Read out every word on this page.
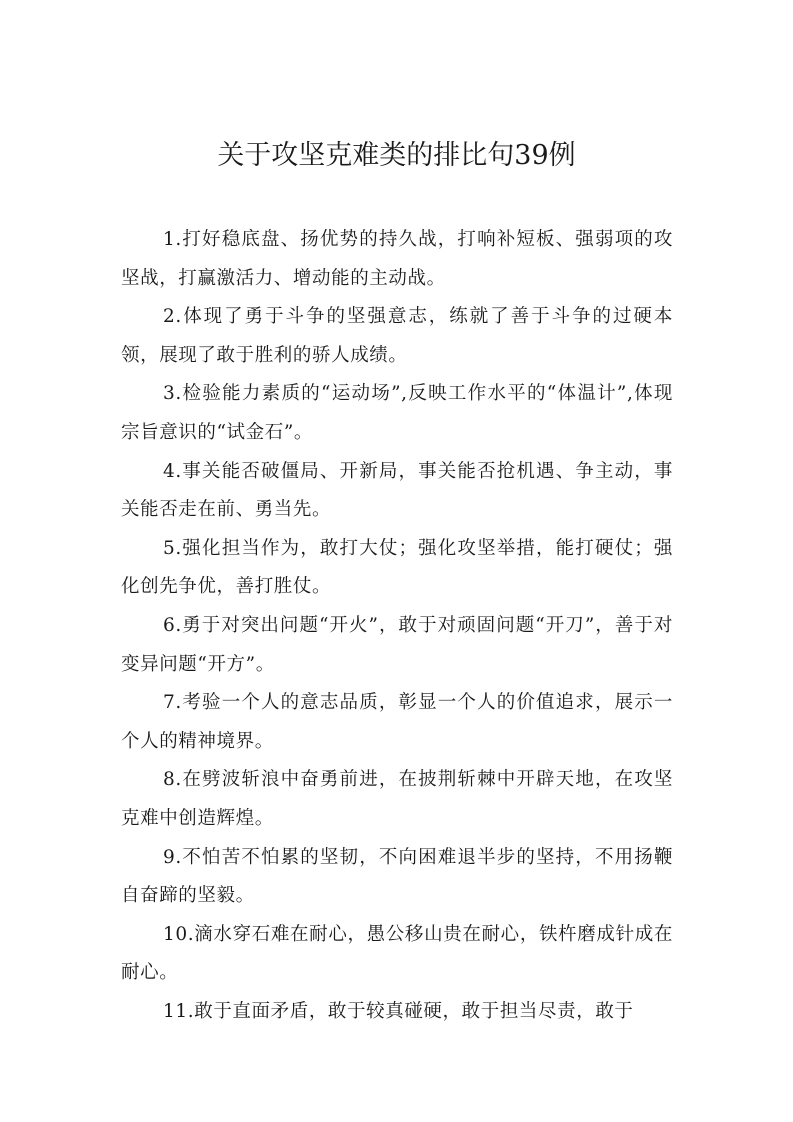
关于攻坚克难类的排比句39例

1.打好稳底盘、扬优势的持久战，打响补短板、强弱项的攻坚战，打赢激活力、增动能的主动战。

2.体现了勇于斗争的坚强意志，练就了善于斗争的过硬本领，展现了敢于胜利的骄人成绩。

3.检验能力素质的“运动场”,反映工作水平的“体温计”,体现宗旨意识的“试金石”。

4.事关能否破僵局、开新局，事关能否抢机遇、争主动，事关能否走在前、勇当先。

5.强化担当作为，敢打大仗；强化攻坚举措，能打硬仗；强化创先争优，善打胜仗。

6.勇于对突出问题“开火”，敢于对顽固问题“开刀”，善于对变异问题“开方”。

7.考验一个人的意志品质，彰显一个人的价值追求，展示一个人的精神境界。

8.在劈波斩浪中奋勇前进，在披荆斩棘中开辟天地，在攻坚克难中创造辉煌。

9.不怕苦不怕累的坚韧，不向困难退半步的坚持，不用扬鞭自奋蹄的坚毅。

10.滴水穿石难在耐心，愚公移山贵在耐心，铁杵磨成针成在耐心。

11.敢于直面矛盾，敢于较真碰硬，敢于担当尽责，敢于
